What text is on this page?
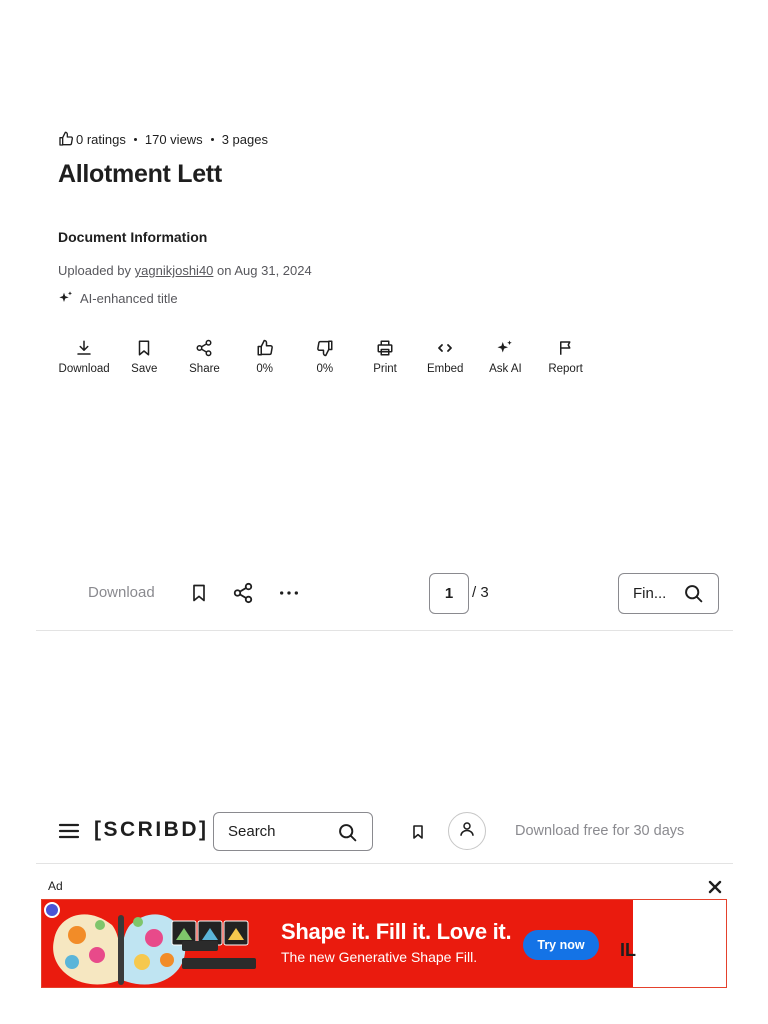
0 ratings 170 views 3 pages
Allotment Lett
Document Information
Uploaded by yagnikjoshi40 on Aug 31, 2024
AI-enhanced title
Download Save	Share	0%	0%	Print	Embed Ask AI Report
Download	1	/ 3	Fin...
[SCRIBD] Search	Download free for 30 days
Ad
Shape it. Fill it. Love it.
The new Generative Shape Fill.
Try now	IL
